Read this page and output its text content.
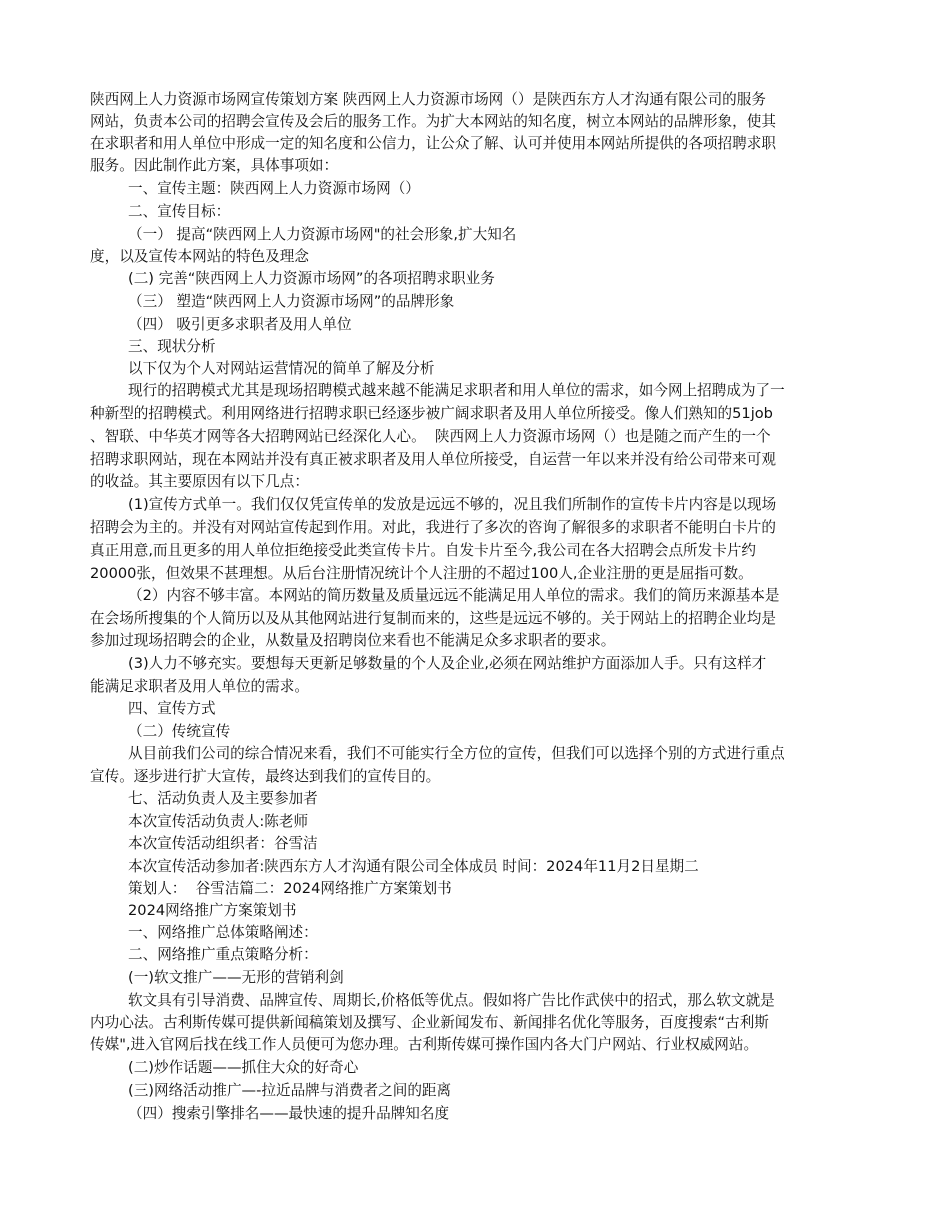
陕西网上人力资源市场网宣传策划方案 陕西网上人力资源市场网（）是陕西东方人才沟通有限公司的服务
网站，负责本公司的招聘会宣传及会后的服务工作。为扩大本网站的知名度，树立本网站的品牌形象，使其
在求职者和用人单位中形成一定的知名度和公信力，让公众了解、认可并使用本网站所提供的各项招聘求职
服务。因此制作此方案，具体事项如：
一、宣传主题：陕西网上人力资源市场网（）
二、宣传目标：
（一） 提高“陕西网上人力资源市场网"的社会形象,扩大知名
度，以及宣传本网站的特色及理念
(二) 完善“陕西网上人力资源市场网”的各项招聘求职业务
（三） 塑造“陕西网上人力资源市场网”的品牌形象
（四） 吸引更多求职者及用人单位
三、现状分析
以下仅为个人对网站运营情况的简单了解及分析
现行的招聘模式尤其是现场招聘模式越来越不能满足求职者和用人单位的需求，如今网上招聘成为了一
种新型的招聘模式。利用网络进行招聘求职已经逐步被广阔求职者及用人单位所接受。像人们熟知的51job
、智联、中华英才网等各大招聘网站已经深化人心。  陕西网上人力资源市场网（）也是随之而产生的一个
招聘求职网站，现在本网站并没有真正被求职者及用人单位所接受，自运营一年以来并没有给公司带来可观
的收益。其主要原因有以下几点：
(1)宣传方式单一。我们仅仅凭宣传单的发放是远远不够的，况且我们所制作的宣传卡片内容是以现场
招聘会为主的。并没有对网站宣传起到作用。对此，我进行了多次的咨询了解很多的求职者不能明白卡片的
真正用意,而且更多的用人单位拒绝接受此类宣传卡片。自发卡片至今,我公司在各大招聘会点所发卡片约
20000张，但效果不甚理想。从后台注册情况统计个人注册的不超过100人,企业注册的更是屈指可数。
（2）内容不够丰富。本网站的简历数量及质量远远不能满足用人单位的需求。我们的简历来源基本是
在会场所搜集的个人简历以及从其他网站进行复制而来的，这些是远远不够的。关于网站上的招聘企业均是
参加过现场招聘会的企业，从数量及招聘岗位来看也不能满足众多求职者的要求。
(3)人力不够充实。要想每天更新足够数量的个人及企业,必须在网站维护方面添加人手。只有这样才
能满足求职者及用人单位的需求。
四、宣传方式
（二）传统宣传
从目前我们公司的综合情况来看，我们不可能实行全方位的宣传，但我们可以选择个别的方式进行重点
宣传。逐步进行扩大宣传，最终达到我们的宣传目的。
七、活动负责人及主要参加者
本次宣传活动负责人:陈老师
本次宣传活动组织者：谷雪洁
本次宣传活动参加者:陕西东方人才沟通有限公司全体成员 时间：2024年11月2日星期二
策划人：  谷雪洁篇二：2024网络推广方案策划书
2024网络推广方案策划书
一、网络推广总体策略阐述：
二、网络推广重点策略分析：
(一)软文推广——无形的营销利剑
软文具有引导消费、品牌宣传、周期长,价格低等优点。假如将广告比作武侠中的招式，那么软文就是
内功心法。古利斯传媒可提供新闻稿策划及撰写、企业新闻发布、新闻排名优化等服务，百度搜索“古利斯
传媒",进入官网后找在线工作人员便可为您办理。古利斯传媒可操作国内各大门户网站、行业权威网站。
(二)炒作话题——抓住大众的好奇心
(三)网络活动推广—-拉近品牌与消费者之间的距离
（四）搜索引擎排名——最快速的提升品牌知名度
